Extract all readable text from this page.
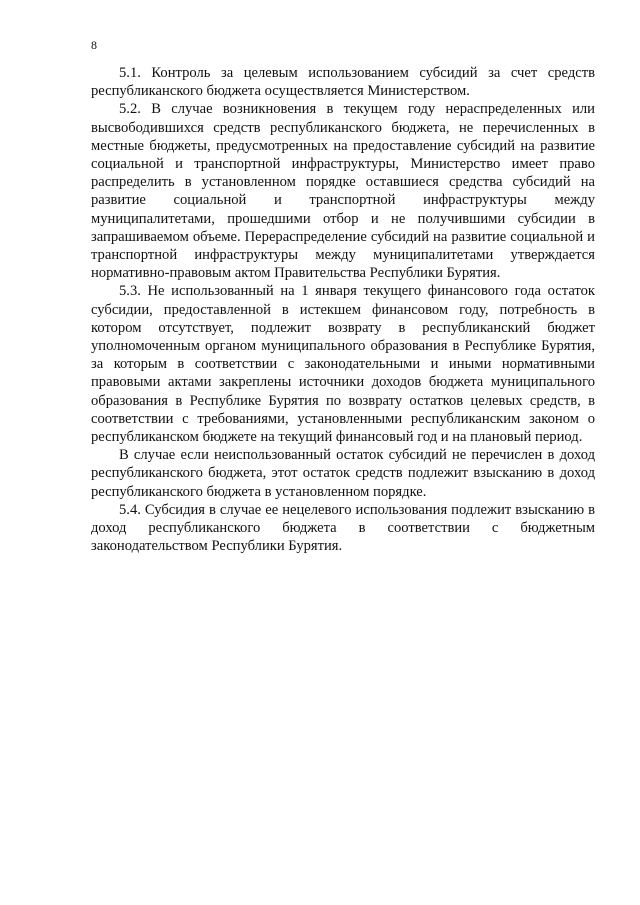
8

5.1. Контроль за целевым использованием субсидий за счет средств республиканского бюджета осуществляется Министерством.

5.2. В случае возникновения в текущем году нераспределенных или высвободившихся средств республиканского бюджета, не перечисленных в местные бюджеты, предусмотренных на предоставление субсидий на развитие социальной и транспортной инфраструктуры, Министерство имеет право распределить в установленном порядке оставшиеся средства субсидий на развитие социальной и транспортной инфраструктуры между муниципалитетами, прошедшими отбор и не получившими субсидии в запрашиваемом объеме. Перераспределение субсидий на развитие социальной и транспортной инфраструктуры между муниципалитетами утверждается нормативно-правовым актом Правительства Республики Бурятия.

5.3. Не использованный на 1 января текущего финансового года остаток субсидии, предоставленной в истекшем финансовом году, потребность в котором отсутствует, подлежит возврату в республиканский бюджет уполномоченным органом муниципального образования в Республике Бурятия, за которым в соответствии с законодательными и иными нормативными правовыми актами закреплены источники доходов бюджета муниципального образования в Республике Бурятия по возврату остатков целевых средств, в соответствии с требованиями, установленными республиканским законом о республиканском бюджете на текущий финансовый год и на плановый период.

В случае если неиспользованный остаток субсидий не перечислен в доход республиканского бюджета, этот остаток средств подлежит взысканию в доход республиканского бюджета в установленном порядке.

5.4. Субсидия в случае ее нецелевого использования подлежит взысканию в доход республиканского бюджета в соответствии с бюджетным законодательством Республики Бурятия.
